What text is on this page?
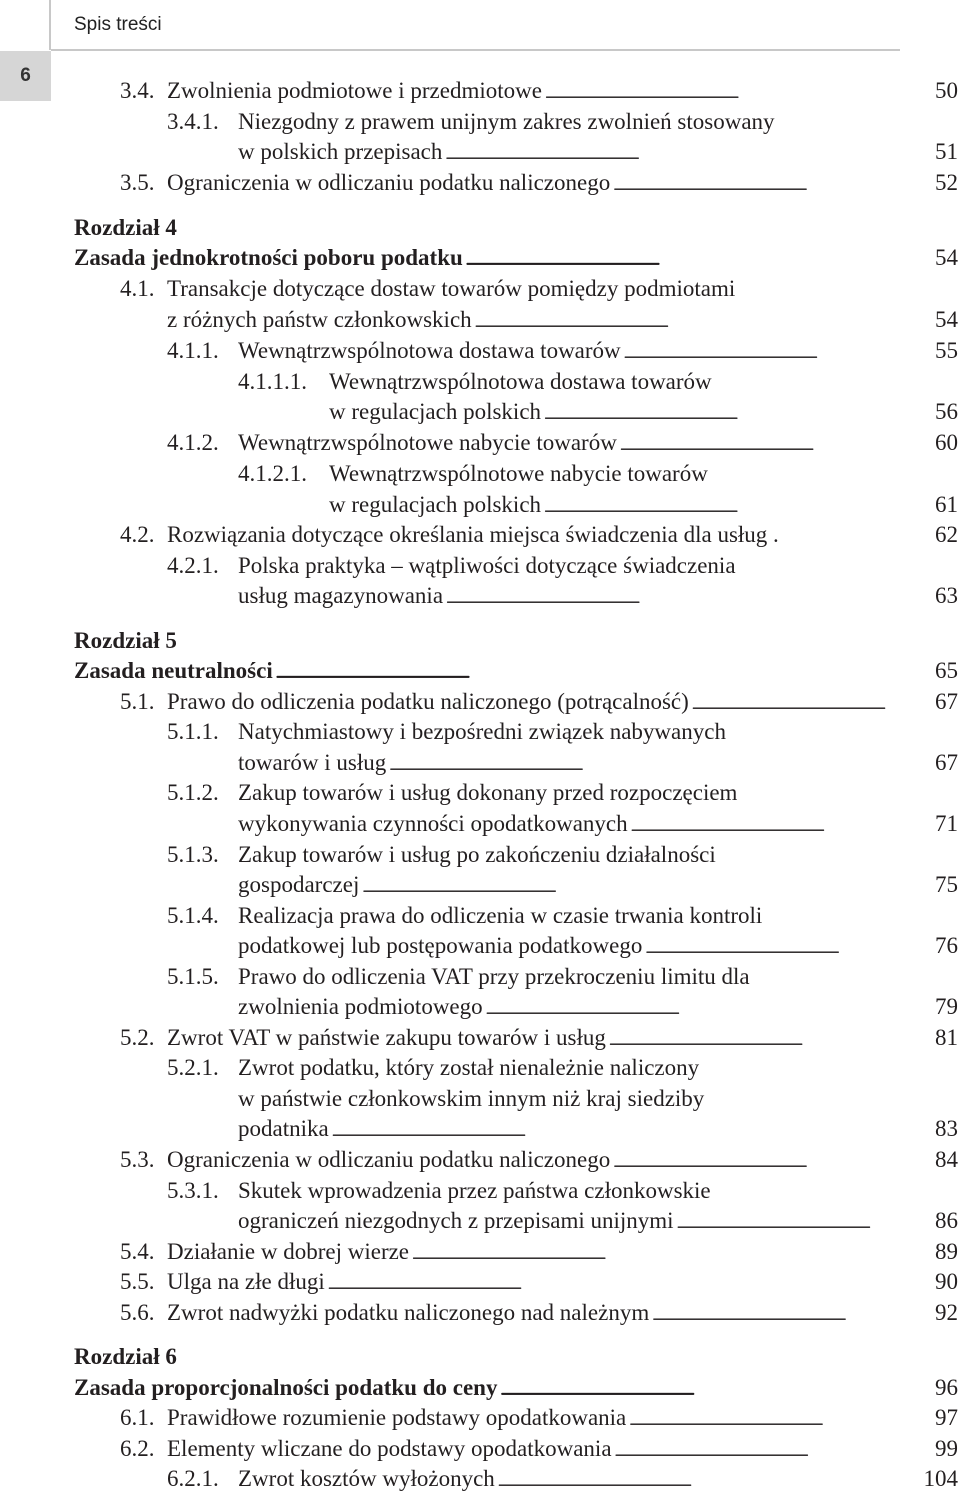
Spis treści
6
3.4. Zwolnienia podmiotowe i przedmiotowe . . .	50
3.4.1. Niezgodny z prawem unijnym zakres zwolnień stosowany
w polskich przepisach . . .	51
3.5. Ograniczenia w odliczaniu podatku naliczonego . . .	52
Rozdział 4
Zasada jednokrotności poboru podatku . . .	54
4.1. Transakcje dotyczące dostaw towarów pomiędzy podmiotami
z różnych państw członkowskich . . .	54
4.1.1. Wewnątrzwspólnotowa dostawa towarów . . .	55
4.1.1.1. Wewnątrzwspólnotowa dostawa towarów
w regulacjach polskich . . .	56
4.1.2. Wewnątrzwspólnotowe nabycie towarów . . .	60
4.1.2.1. Wewnątrzwspólnotowe nabycie towarów
w regulacjach polskich . . .	61
4.2. Rozwiązania dotyczące określania miejsca świadczenia dla usług .	62
4.2.1. Polska praktyka – wątpliwości dotyczące świadczenia
usług magazynowania . . .	63
Rozdział 5
Zasada neutralności . . .	65
5.1. Prawo do odliczenia podatku naliczonego (potrącalność) . . .	67
5.1.1. Natychmiastowy i bezpośredni związek nabywanych
towarów i usług . . .	67
5.1.2. Zakup towarów i usług dokonany przed rozpoczęciem
wykonywania czynności opodatkowanych . . .	71
5.1.3. Zakup towarów i usług po zakończeniu działalności
gospodarczej . . .	75
5.1.4. Realizacja prawa do odliczenia w czasie trwania kontroli
podatkowej lub postępowania podatkowego . . .	76
5.1.5. Prawo do odliczenia VAT przy przekroczeniu limitu dla
zwolnienia podmiotowego . . .	79
5.2. Zwrot VAT w państwie zakupu towarów i usług . . .	81
5.2.1. Zwrot podatku, który został nienależnie naliczony
w państwie członkowskim innym niż kraj siedziby
podatnika . . .	83
5.3. Ograniczenia w odliczaniu podatku naliczonego . . .	84
5.3.1. Skutek wprowadzenia przez państwa członkowskie
ograniczeń niezgodnych z przepisami unijnymi . . .	86
5.4. Działanie w dobrej wierze . . .	89
5.5. Ulga na złe długi . . .	90
5.6. Zwrot nadwyżki podatku naliczonego nad należnym . . .	92
Rozdział 6
Zasada proporcjonalności podatku do ceny . . .	96
6.1. Prawidłowe rozumienie podstawy opodatkowania . . .	97
6.2. Elementy wliczane do podstawy opodatkowania . . .	99
6.2.1. Zwrot kosztów wyłożonych . . .	104
